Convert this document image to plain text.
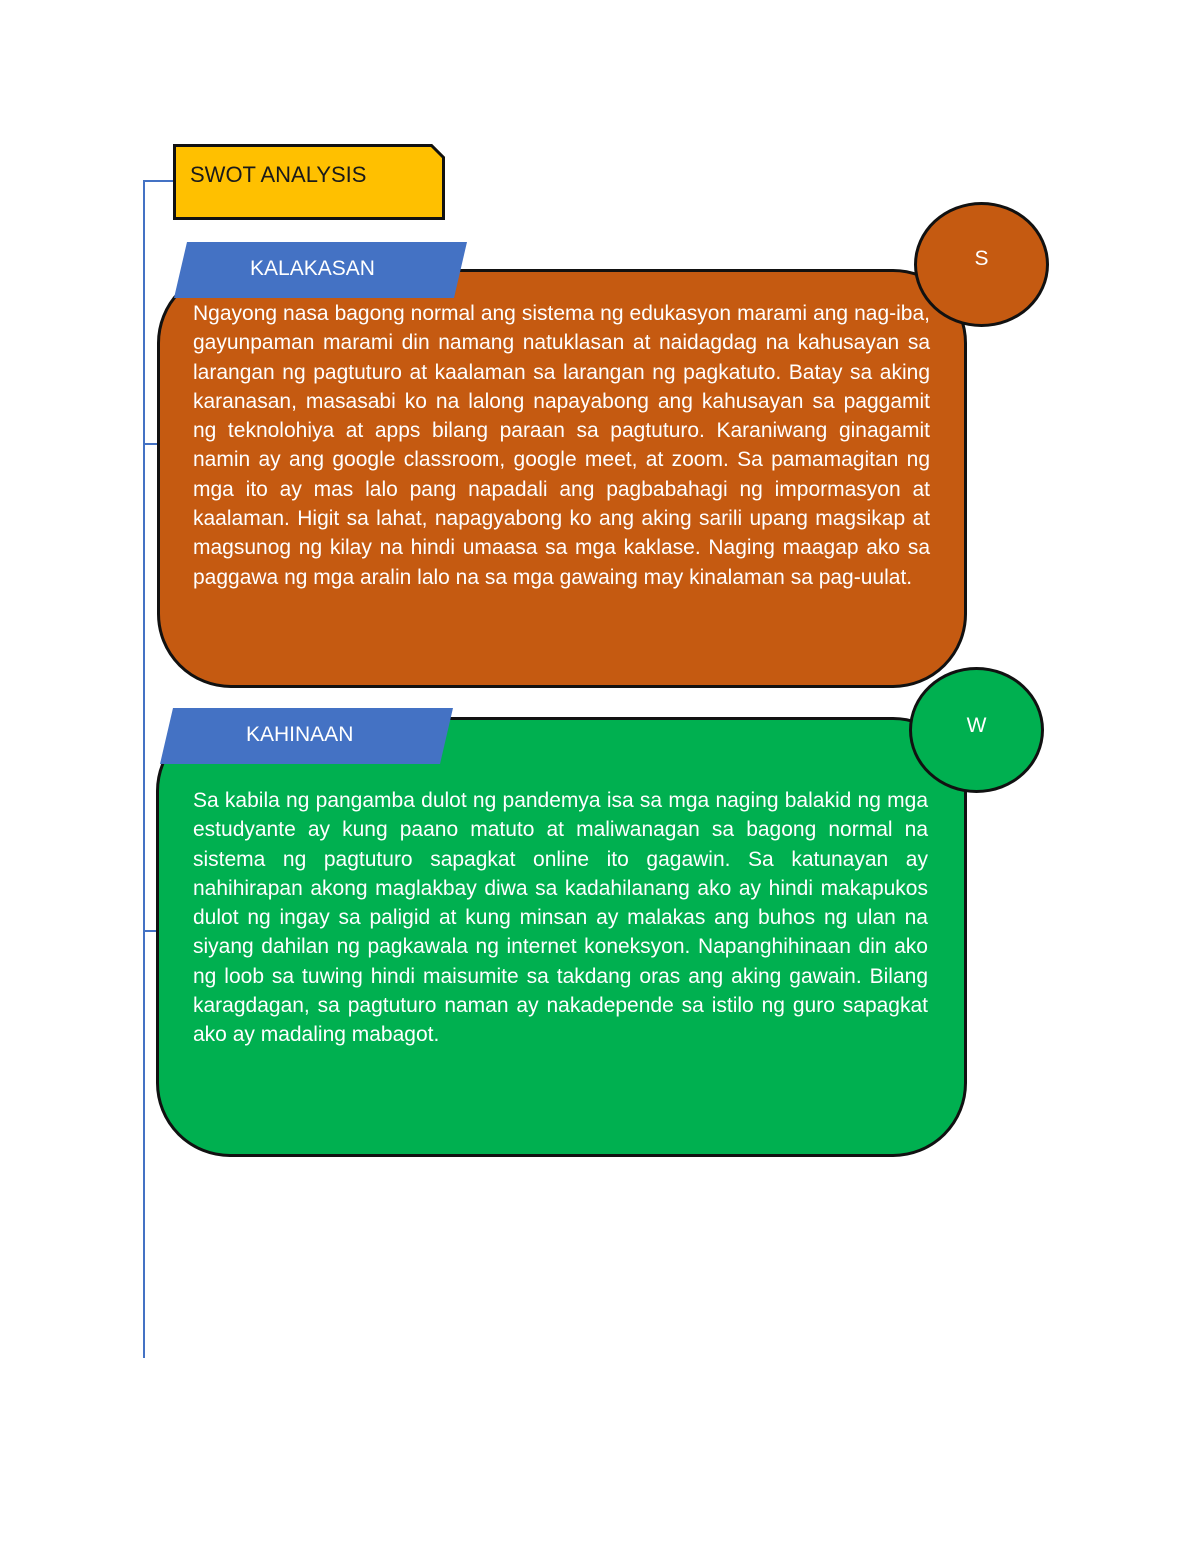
SWOT ANALYSIS

Ngayong nasa bagong normal ang sistema ng edukasyon marami ang nag-iba, gayunpaman marami din namang natuklasan at naidagdag na kahusayan sa larangan ng pagtuturo at kaalaman sa larangan ng pagkatuto. Batay sa aking karanasan, masasabi ko na lalong napayabong ang kahusayan sa paggamit ng teknolohiya at apps bilang paraan sa pagtuturo. Karaniwang ginagamit namin ay ang google classroom, google meet, at zoom. Sa pamamagitan ng mga ito ay mas lalo pang napadali ang pagbabahagi ng impormasyon at kaalaman. Higit sa lahat, napagyabong ko ang aking sarili upang magsikap at magsunog ng kilay na hindi umaasa sa mga kaklase. Naging maagap ako sa paggawa ng mga aralin lalo na sa mga gawaing may kinalaman sa pag-uulat.

KALAKASAN	S

Sa kabila ng pangamba dulot ng pandemya isa sa mga naging balakid ng mga estudyante ay kung paano matuto at maliwanagan sa bagong normal na sistema ng pagtuturo sapagkat online ito gagawin. Sa katunayan ay nahihirapan akong maglakbay diwa sa kadahilanang ako ay hindi makapukos dulot ng ingay sa paligid at kung minsan ay malakas ang buhos ng ulan na siyang dahilan ng pagkawala ng internet koneksyon. Napanghihinaan din ako ng loob sa tuwing hindi maisumite sa takdang oras ang aking gawain. Bilang karagdagan, sa pagtuturo naman ay nakadepende sa istilo ng guro sapagkat ako ay madaling mabagot.

KAHINAAN	W
